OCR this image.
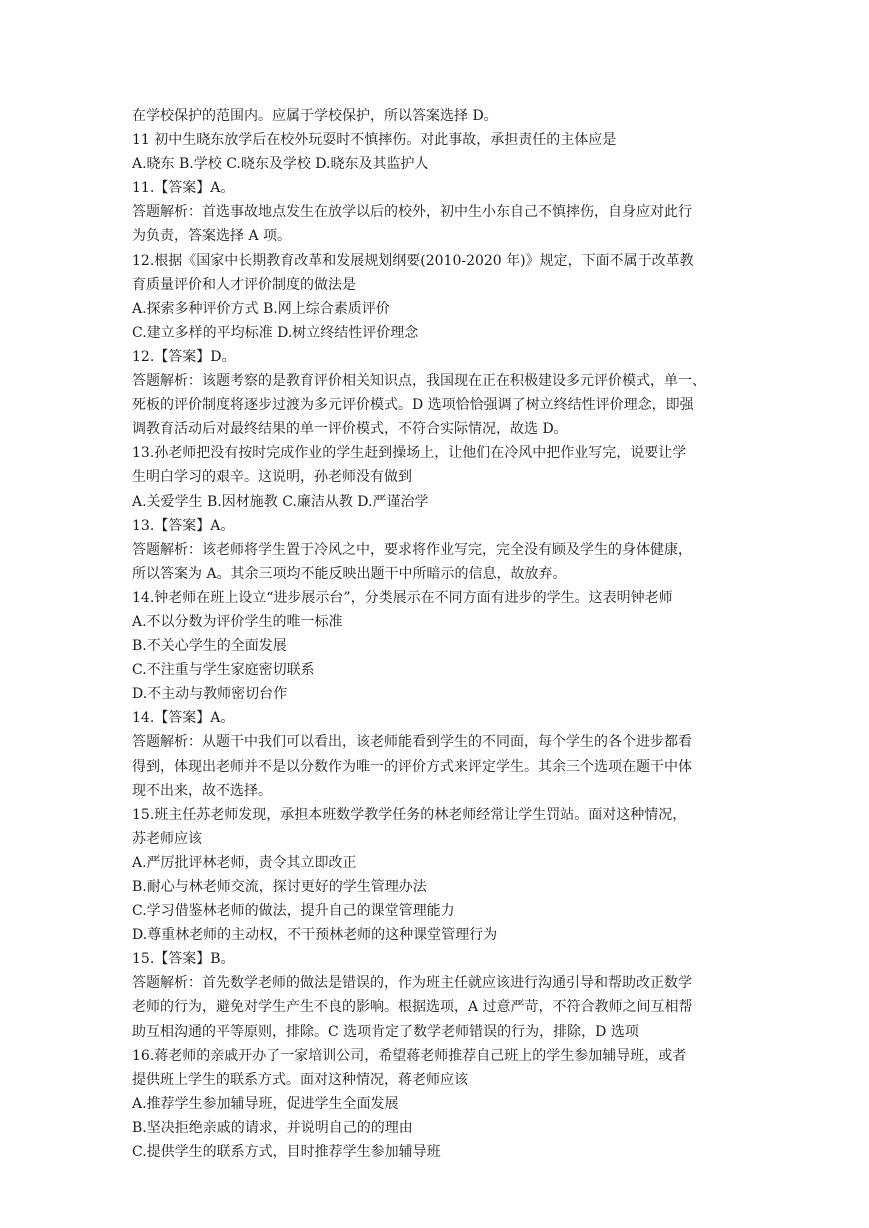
在学校保护的范围内。应属于学校保护，所以答案选择 D。
11 初中生晓东放学后在校外玩耍时不慎摔伤。对此事故，承担责任的主体应是
A.晓东 B.学校 C.晓东及学校 D.晓东及其监护人
11.【答案】A。
答题解析：首选事故地点发生在放学以后的校外，初中生小东自己不慎摔伤，自身应对此行
为负责，答案选择 A 项。
12.根据《国家中长期教育改革和发展规划纲要(2010-2020 年)》规定，下面不属于改革教
育质量评价和人才评价制度的做法是
A.探索多种评价方式 B.网上综合素质评价
C.建立多样的平均标准 D.树立终结性评价理念
12.【答案】D。
答题解析：该题考察的是教育评价相关知识点，我国现在正在积极建设多元评价模式，单一、
死板的评价制度将逐步过渡为多元评价模式。D 选项恰恰强调了树立终结性评价理念，即强
调教育活动后对最终结果的单一评价模式，不符合实际情况，故选 D。
13.孙老师把没有按时完成作业的学生赶到操场上，让他们在冷风中把作业写完，说要让学
生明白学习的艰辛。这说明，孙老师没有做到
A.关爱学生 B.因材施教 C.廉洁从教 D.严谨治学
13.【答案】A。
答题解析：该老师将学生置于冷风之中，要求将作业写完，完全没有顾及学生的身体健康，
所以答案为 A。其余三项均不能反映出题干中所暗示的信息，故放弃。
14.钟老师在班上设立“进步展示台”，分类展示在不同方面有进步的学生。这表明钟老师
A.不以分数为评价学生的唯一标准
B.不关心学生的全面发展
C.不注重与学生家庭密切联系
D.不主动与教师密切台作
14.【答案】A。
答题解析：从题干中我们可以看出，该老师能看到学生的不同面，每个学生的各个进步都看
得到，体现出老师并不是以分数作为唯一的评价方式来评定学生。其余三个选项在题干中体
现不出来，故不选择。
15.班主任苏老师发现，承担本班数学教学任务的林老师经常让学生罚站。面对这种情况，
苏老师应该
A.严厉批评林老师，责令其立即改正
B.耐心与林老师交流，探讨更好的学生管理办法
C.学习借鉴林老师的做法，提升自己的课堂管理能力
D.尊重林老师的主动权，不干预林老师的这种课堂管理行为
15.【答案】B。
答题解析：首先数学老师的做法是错误的，作为班主任就应该进行沟通引导和帮助改正数学
老师的行为，避免对学生产生不良的影响。根据选项，A 过意严苛，不符合教师之间互相帮
助互相沟通的平等原则，排除。C 选项肯定了数学老师错误的行为，排除，D 选项
16.蒋老师的亲戚开办了一家培训公司，希望蒋老师推荐自己班上的学生参加辅导班，或者
提供班上学生的联系方式。面对这种情况，蒋老师应该
A.推荐学生参加辅导班，促进学生全面发展
B.坚决拒绝亲戚的请求，并说明自己的的理由
C.提供学生的联系方式，目时推荐学生参加辅导班
